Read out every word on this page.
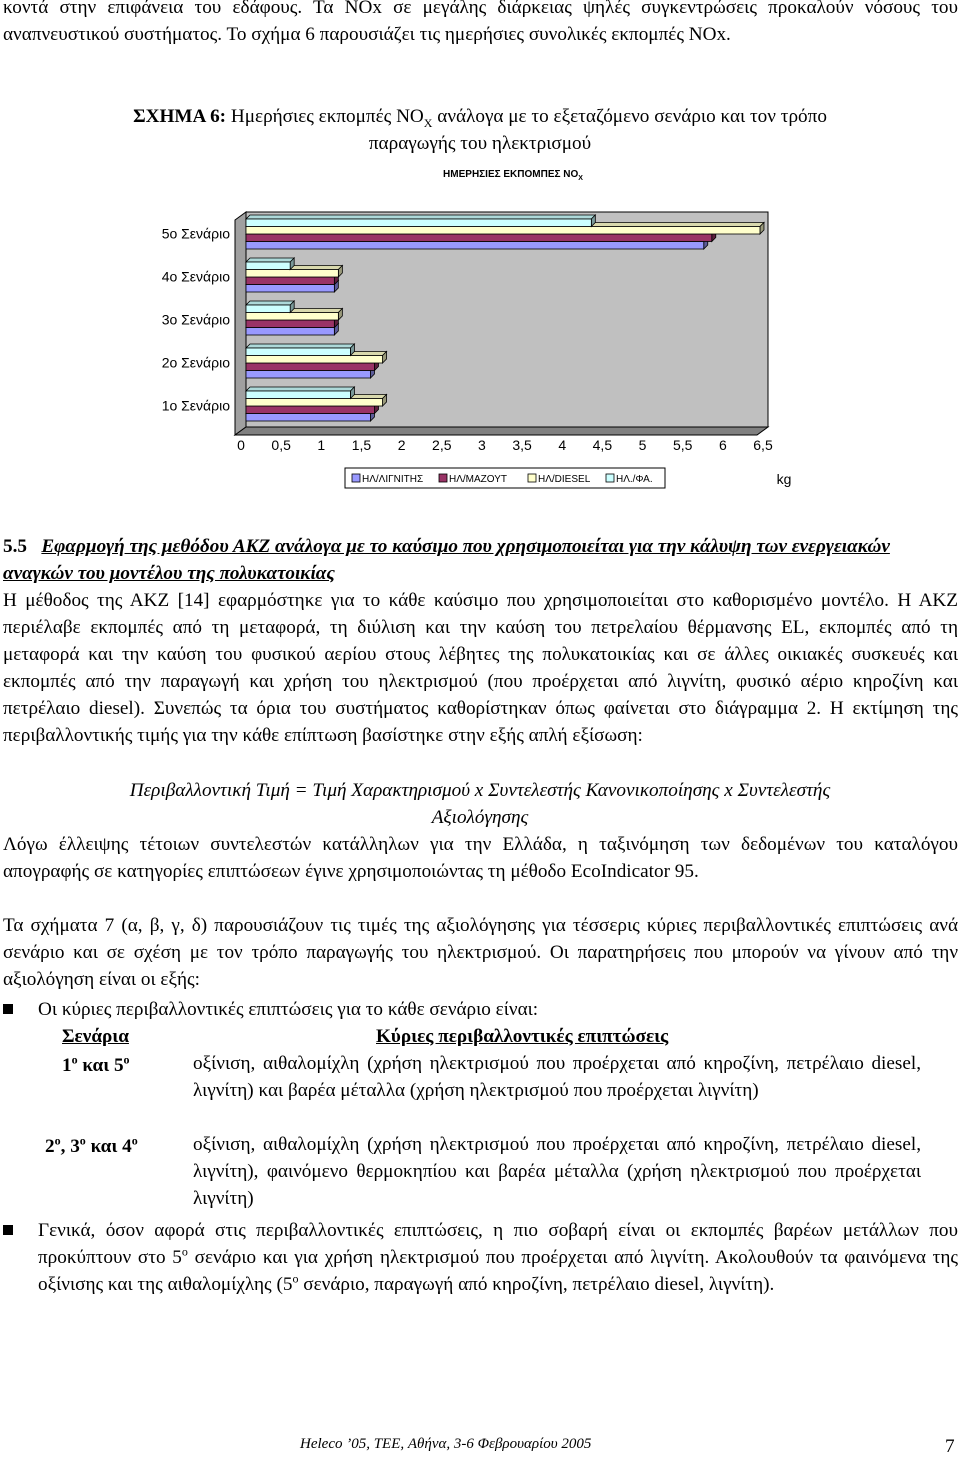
κοντά στην επιφάνεια του εδάφους. Τα NOx σε μεγάλης διάρκειας ψηλές συγκεντρώσεις προκαλούν νόσους του αναπνευστικού συστήματος. Το σχήμα 6 παρουσιάζει τις ημερήσιες συνολικές εκπομπές NOx.

ΣΧΗΜΑ 6: Ημερήσιες εκπομπές $NO_X$ ανάλογα με το εξεταζόμενο σενάριο και τον τρόπο
παραγωγής του ηλεκτρισμού
ΗΜΕΡΗΣΙΕΣ ΕΚΠΟΜΠΕΣ $NO_X$
1ο Σενάριο
2ο Σενάριο
3ο Σενάριο
4ο Σενάριο
5ο Σενάριο
0 0,5 1 1,5 2 2,5 3 3,5 4 4,5 5 5,5 6 6,5
ΗΛ/ΛΙΓΝΙΤΗΣ	ΗΛ/ΜΑΖΟΥΤ	ΗΛ/DIESEL	ΗΛ./ΦΑ.	kg
5.5 Εφαρμογή της μεθόδου ΑΚΖ ανάλογα με το καύσιμο που χρησιμοποιείται για την κάλυψη των ενεργειακών αναγκών του μοντέλου της πολυκατοικίας

Η μέθοδος της ΑΚΖ [14] εφαρμόστηκε για το κάθε καύσιμο που χρησιμοποιείται στο καθορισμένο μοντέλο. Η ΑΚΖ περιέλαβε εκπομπές από τη μεταφορά, τη διύλιση και την καύση του πετρελαίου θέρμανσης EL, εκπομπές από τη μεταφορά και την καύση του φυσικού αερίου στους λέβητες της πολυκατοικίας και σε άλλες οικιακές συσκευές και εκπομπές από την παραγωγή και χρήση του ηλεκτρισμού (που προέρχεται από λιγνίτη, φυσικό αέριο κηροζίνη και πετρέλαιο diesel). Συνεπώς τα όρια του συστήματος καθορίστηκαν όπως φαίνεται στο διάγραμμα 2. Η εκτίμηση της περιβαλλοντικής τιμής για την κάθε επίπτωση βασίστηκε στην εξής απλή εξίσωση:

Περιβαλλοντική Τιμή = Τιμή Χαρακτηρισμού x Συντελεστής Κανονικοποίησης x Συντελεστής
Αξιολόγησης

Λόγω έλλειψης τέτοιων συντελεστών κατάλληλων για την Ελλάδα, η ταξινόμηση των δεδομένων του καταλόγου απογραφής σε κατηγορίες επιπτώσεων έγινε χρησιμοποιώντας τη μέθοδο EcoIndicator 95.

Τα σχήματα 7 (α, β, γ, δ) παρουσιάζουν τις τιμές της αξιολόγησης για τέσσερις κύριες περιβαλλοντικές επιπτώσεις ανά σενάριο και σε σχέση με τον τρόπο παραγωγής του ηλεκτρισμού. Οι παρατηρήσεις που μπορούν να γίνουν από την αξιολόγηση είναι οι εξής:

Οι κύριες περιβαλλοντικές επιπτώσεις για το κάθε σενάριο είναι:
Σενάρια	Κύριες περιβαλλοντικές επιπτώσεις
$1^o$ και $5^o$	οξίνιση, αιθαλομίχλη (χρήση ηλεκτρισμού που προέρχεται από κηροζίνη, πετρέλαιο diesel, λιγνίτη) και βαρέα μέταλλα (χρήση ηλεκτρισμού που προέρχεται λιγνίτη)
$2^o$, $3^o$ και $4^o$	οξίνιση, αιθαλομίχλη (χρήση ηλεκτρισμού που προέρχεται από κηροζίνη, πετρέλαιο diesel, λιγνίτη), φαινόμενο θερμοκηπίου και βαρέα μέταλλα (χρήση ηλεκτρισμού που προέρχεται λιγνίτη)
Γενικά, όσον αφορά στις περιβαλλοντικές επιπτώσεις, η πιο σοβαρή είναι οι εκπομπές βαρέων μετάλλων που προκύπτουν στο $5^o$ σενάριο και για χρήση ηλεκτρισμού που προέρχεται από λιγνίτη. Ακολουθούν τα φαινόμενα της οξίνισης και της αιθαλομίχλης ($5^o$ σενάριο, παραγωγή από κηροζίνη, πετρέλαιο diesel, λιγνίτη).
Heleco ’05, TEE, Αθήνα, 3-6 Φεβρουαρίου 2005	7
